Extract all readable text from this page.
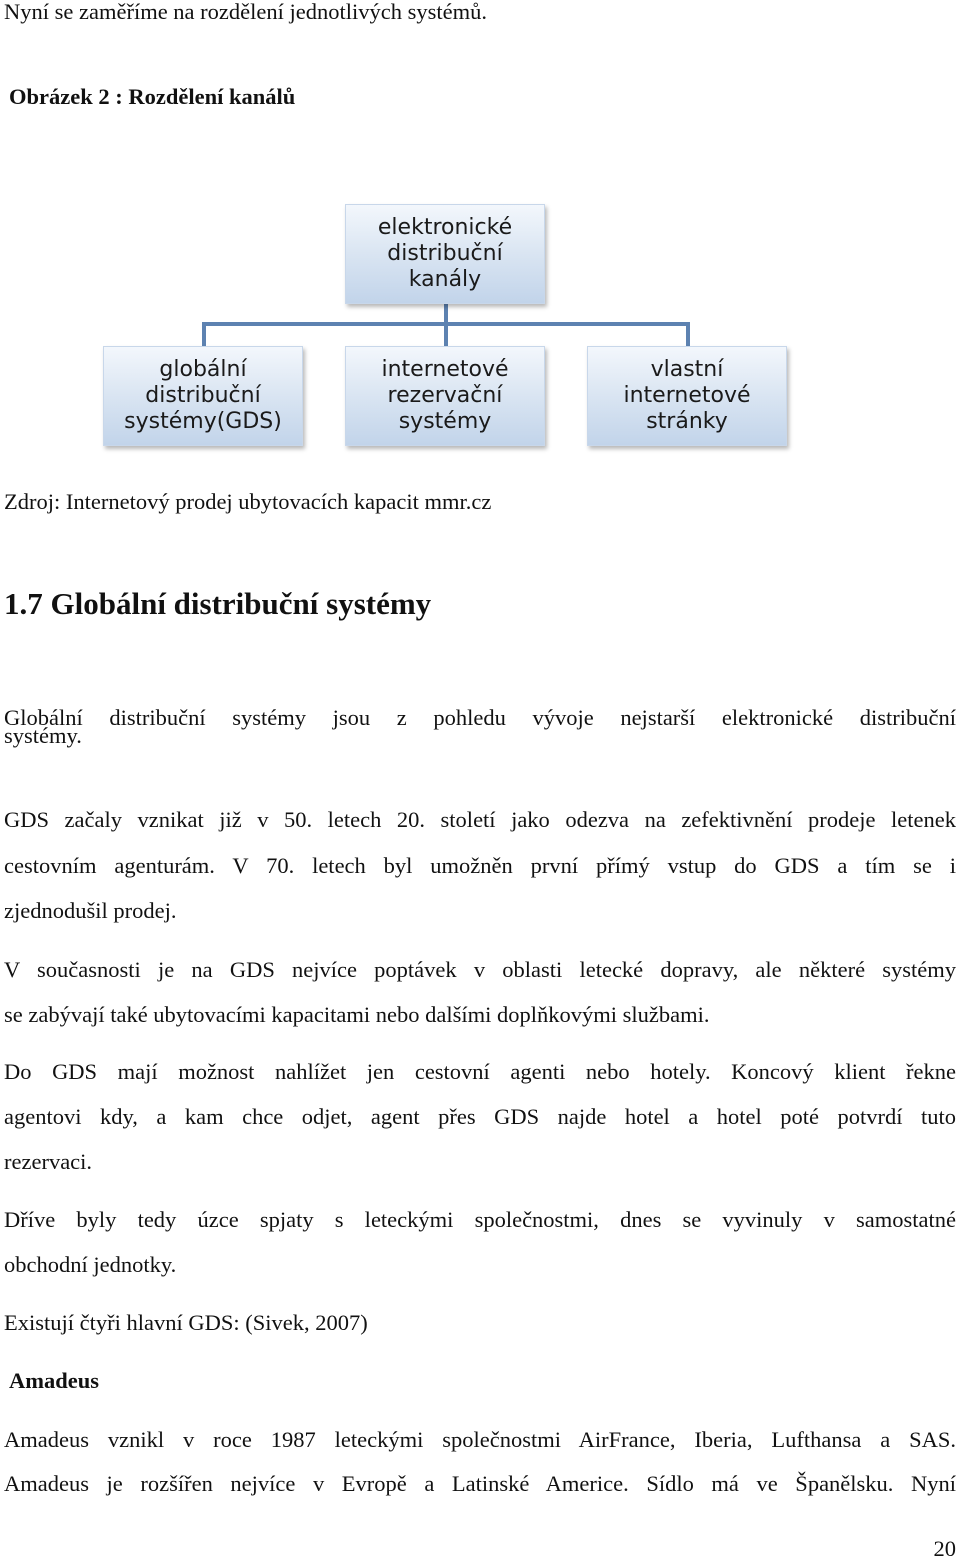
Nyní se zaměříme na rozdělení jednotlivých systémů.
Obrázek 2 : Rozdělení kanálů
elektronické
distribuční
kanály
globální
distribuční
systémy(GDS)
internetové
rezervační
systémy
vlastní
internetové
stránky
Zdroj: Internetový prodej ubytovacích kapacit mmr.cz
1.7 Globální distribuční systémy
Globální distribuční systémy jsou z pohledu vývoje nejstarší elektronické distribuční
systémy.
GDS začaly vznikat již v 50. letech 20. století jako odezva na zefektivnění prodeje letenek
cestovním agenturám. V 70. letech byl umožněn první přímý vstup do GDS a tím se i
zjednodušil prodej.
V současnosti je na GDS nejvíce poptávek v oblasti letecké dopravy, ale některé systémy
se zabývají také ubytovacími kapacitami nebo dalšími doplňkovými službami.
Do GDS mají možnost nahlížet jen cestovní agenti nebo hotely. Koncový klient řekne
agentovi kdy, a kam chce odjet, agent přes GDS najde hotel a hotel poté potvrdí tuto
rezervaci.
Dříve byly tedy úzce spjaty s leteckými společnostmi, dnes se vyvinuly v samostatné
obchodní jednotky.
Existují čtyři hlavní GDS: (Sivek, 2007)
Amadeus
Amadeus vznikl v roce 1987 leteckými společnostmi AirFrance, Iberia, Lufthansa a SAS.
Amadeus je rozšířen nejvíce v Evropě a Latinské Americe. Sídlo má ve Španělsku. Nyní
20
